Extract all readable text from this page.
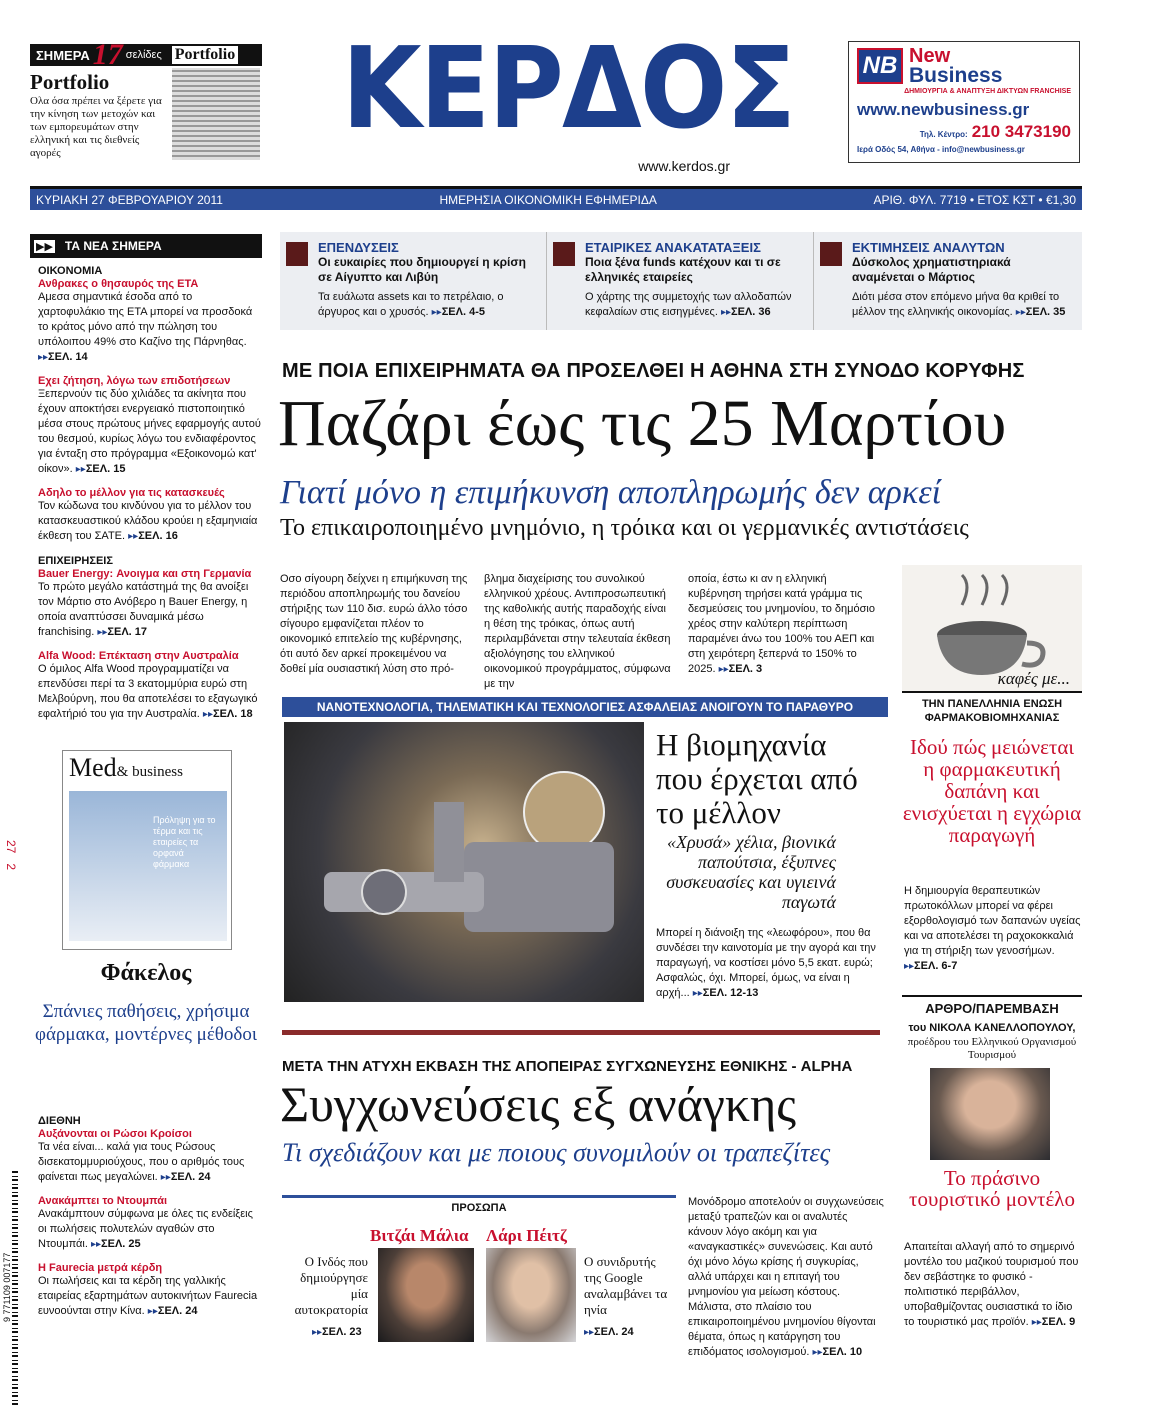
ΣΗΜΕΡΑ 17 σελίδες Portfolio
Portfolio
Ολα όσα πρέπει να ξέρετε για την κίνηση των μετοχών και των εμπορευμάτων στην ελληνική και τις διεθνείς αγορές	ΚΕΡΔΟΣ
www.kerdos.gr
NB New
Business
ΔΗΜΙΟΥΡΓΙΑ & ΑΝΑΠΤΥΞΗ ΔΙΚΤΥΩΝ FRANCHISE
www.newbusiness.gr
Τηλ. Κέντρο: 210 3473190
Ιερά Οδός 54, Αθήνα - info@newbusiness.gr
ΚΥΡΙΑΚΗ 27 ΦΕΒΡΟΥΑΡΙΟΥ 2011	ΗΜΕΡΗΣΙΑ ΟΙΚΟΝΟΜΙΚΗ ΕΦΗΜΕΡΙΔΑ	ΑΡΙΘ. ΦΥΛ. 7719 • ΕΤΟΣ ΚΣΤ • €1,30
▶▶ ΤΑ ΝΕΑ ΣΗΜΕΡΑ
ΟΙΚΟΝΟΜΙΑ
Ανθρακες ο θησαυρός της ΕΤΑ

Αμεσα σημαντικά έσοδα από το χαρτοφυλάκιο της ΕΤΑ μπορεί να προσδοκά το κράτος μόνο από την πώληση του υπόλοιπου 49% στο Καζίνο της Πάρνηθας. ▸▸ ΣΕΛ. 14

Εχει ζήτηση, λόγω των επιδοτήσεων

Ξεπερνούν τις δύο χιλιάδες τα ακίνητα που έχουν αποκτήσει ενεργειακό πιστοποιητικό μέσα στους πρώτους μήνες εφαρμογής αυτού του θεσμού, κυρίως λόγω του ενδιαφέροντος για ένταξη στο πρόγραμμα «Εξοικονομώ κατ' οίκον». ▸▸ ΣΕΛ. 15

Αδηλο το μέλλον για τις κατασκευές

Τον κώδωνα του κινδύνου για το μέλλον του κατασκευαστικού κλάδου κρούει η εξαμηνιαία έκθεση του ΣΑΤΕ. ▸▸ ΣΕΛ. 16

ΕΠΙΧΕΙΡΗΣΕΙΣ
Bauer Energy: Ανοιγμα και στη Γερμανία

Το πρώτο μεγάλο κατάστημά της θα ανοίξει τον Μάρτιο στο Ανόβερο η Bauer Energy, η οποία αναπτύσσει δυναμικά μέσω franchising. ▸▸ ΣΕΛ. 17

Alfa Wood: Επέκταση στην Αυστραλία

Ο όμιλος Alfa Wood προγραμματίζει να επενδύσει περί τα 3 εκατομμύρια ευρώ στη Μελβούρνη, που θα αποτελέσει το εξαγωγικό εφαλτήριό του για την Αυστραλία. ▸▸ ΣΕΛ. 18

Med& business
Πρόληψη για το τέρμα και τις εταιρείες τα ορφανά φάρμακα
Φάκελος
Σπάνιες παθήσεις, χρήσιμα φάρμακα, μοντέρνες μέθοδοι
ΔΙΕΘΝΗ
Αυξάνονται οι Ρώσοι Κροίσοι

Τα νέα είναι... καλά για τους Ρώσους δισεκατομμυριούχους, που ο αριθμός τους φαίνεται πως μεγαλώνει. ▸▸ ΣΕΛ. 24

Ανακάμπτει το Ντουμπάι

Ανακάμπτουν σύμφωνα με όλες τις ενδείξεις οι πωλήσεις πολυτελών αγαθών στο Ντουμπάι. ▸▸ ΣΕΛ. 25

Η Faurecia μετρά κέρδη

Οι πωλήσεις και τα κέρδη της γαλλικής εταιρείας εξαρτημάτων αυτοκινήτων Faurecia ευνοούνται στην Κίνα. ▸▸ ΣΕΛ. 24

27   2
9 771109 007177
ΕΠΕΝΔΥΣΕΙΣ
Οι ευκαιρίες που δημιουργεί η κρίση σε Αίγυπτο και Λιβύη

Τα ευάλωτα assets και το πετρέλαιο, ο άργυρος και ο χρυσός. ▸▸ ΣΕΛ. 4-5

ΕΤΑΙΡΙΚΕΣ ΑΝΑΚΑΤΑΤΑΞΕΙΣ
Ποια ξένα funds κατέχουν και τι σε ελληνικές εταιρείες

Ο χάρτης της συμμετοχής των αλλοδαπών κεφαλαίων στις εισηγμένες. ▸▸ ΣΕΛ. 36

ΕΚΤΙΜΗΣΕΙΣ ΑΝΑΛΥΤΩΝ
Δύσκολος χρηματιστηριακά αναμένεται ο Μάρτιος

Διότι μέσα στον επόμενο μήνα θα κριθεί το μέλλον της ελληνικής οικονομίας. ▸▸ ΣΕΛ. 35

ΜΕ ΠΟΙΑ ΕΠΙΧΕΙΡΗΜΑΤΑ ΘΑ ΠΡΟΣΕΛΘΕΙ Η ΑΘΗΝΑ ΣΤΗ ΣΥΝΟΔΟ ΚΟΡΥΦΗΣ
Παζάρι έως τις 25 Μαρτίου
Γιατί μόνο η επιμήκυνση αποπληρωμής δεν αρκεί
Το επικαιροποιημένο μνημόνιο, η τρόικα και οι γερμανικές αντιστάσεις

Οσο σίγουρη δείχνει η επιμήκυνση της περιόδου αποπληρωμής του δανείου στήριξης των 110 δισ. ευρώ άλλο τόσο σίγουρο εμφανίζεται πλέον το οικονομικό επιτελείο της κυβέρνησης, ότι αυτό δεν αρκεί προκειμένου να δοθεί μία ουσιαστική λύση στο πρό-

βλημα διαχείρισης του συνολικού ελληνικού χρέους. Αντιπροσωπευτική της καθολικής αυτής παραδοχής είναι η θέση της τρόικας, όπως αυτή περιλαμβάνεται στην τελευταία έκθεση αξιολόγησης του ελληνικού οικονομικού προγράμματος, σύμφωνα με την

οποία, έστω κι αν η ελληνική κυβέρνηση τηρήσει κατά γράμμα τις δεσμεύσεις του μνημονίου, το δημόσιο χρέος στην καλύτερη περίπτωση παραμένει άνω του 100% του ΑΕΠ και στη χειρότερη ξεπερνά το 150% το 2025. ▸▸ ΣΕΛ. 3	καφές με...
ΝΑΝΟΤΕΧΝΟΛΟΓΙΑ, ΤΗΛΕΜΑΤΙΚΗ ΚΑΙ ΤΕΧΝΟΛΟΓΙΕΣ ΑΣΦΑΛΕΙΑΣ ΑΝΟΙΓΟΥΝ ΤΟ ΠΑΡΑΘΥΡΟ
Η βιομηχανία που έρχεται από το μέλλον
«Χρυσά» χέλια, βιονικά παπούτσια, έξυπνες συσκευασίες και υγιεινά παγωτά

Μπορεί η διάνοιξη της «λεωφόρου», που θα συνδέσει την καινοτομία με την αγορά και την παραγωγή, να κοστίσει μόνο 5,5 εκατ. ευρώ; Ασφαλώς, όχι. Μπορεί, όμως, να είναι η αρχή... ▸▸ ΣΕΛ. 12-13

ΤΗΝ ΠΑΝΕΛΛΗΝΙΑ ΕΝΩΣΗ ΦΑΡΜΑΚΟΒΙΟΜΗΧΑΝΙΑΣ
Ιδού πώς μειώνεται η φαρμακευτική δαπάνη και ενισχύεται η εγχώρια παραγωγή

Η δημιουργία θεραπευτικών πρωτοκόλλων μπορεί να φέρει εξορθολογισμό των δαπανών υγείας και να αποτελέσει τη ραχοκοκκαλιά για τη στήριξη των γενοσήμων. ▸▸ ΣΕΛ. 6-7

ΑΡΘΡΟ/ΠΑΡΕΜΒΑΣΗ
του ΝΙΚΟΛΑ ΚΑΝΕΛΛΟΠΟΥΛΟΥ,
προέδρου του Ελληνικού Οργανισμού Τουρισμού
Το πράσινο τουριστικό μοντέλο

Απαιτείται αλλαγή από το σημερινό μοντέλο του μαζικού τουρισμού που δεν σεβάστηκε το φυσικό - πολιτιστικό περιβάλλον, υποβαθμίζοντας ουσιαστικά το ίδιο το τουριστικό μας προϊόν. ▸▸ ΣΕΛ. 9

ΜΕΤΑ ΤΗΝ ΑΤΥΧΗ ΕΚΒΑΣΗ ΤΗΣ ΑΠΟΠΕΙΡΑΣ ΣΥΓΧΩΝΕΥΣΗΣ ΕΘΝΙΚΗΣ - ALPHA
Συγχωνεύσεις εξ ανάγκης
Τι σχεδιάζουν και με ποιους συνομιλούν οι τραπεζίτες

Μονόδρομο αποτελούν οι συγχωνεύσεις μεταξύ τραπεζών και οι αναλυτές κάνουν λόγο ακόμη και για «αναγκαστικές» συνενώσεις. Και αυτό όχι μόνο λόγω κρίσης ή συγκυρίας, αλλά υπάρχει και η επιταγή του μνημονίου για μείωση κόστους. Μάλιστα, στο πλαίσιο του επικαιροποιημένου μνημονίου θίγονται θέματα, όπως η κατάργηση του επιδόματος ισολογισμού. ▸▸ ΣΕΛ. 10

ΠΡΟΣΩΠΑ
Βιτζάι Μάλια Λάρι Πέιτζ
Ο Ινδός που δημιούργησε μία αυτοκρατορία
▸▸ ΣΕΛ. 23
Ο συνιδρυτής της Google αναλαμβάνει τα ηνία
▸▸ ΣΕΛ. 24
